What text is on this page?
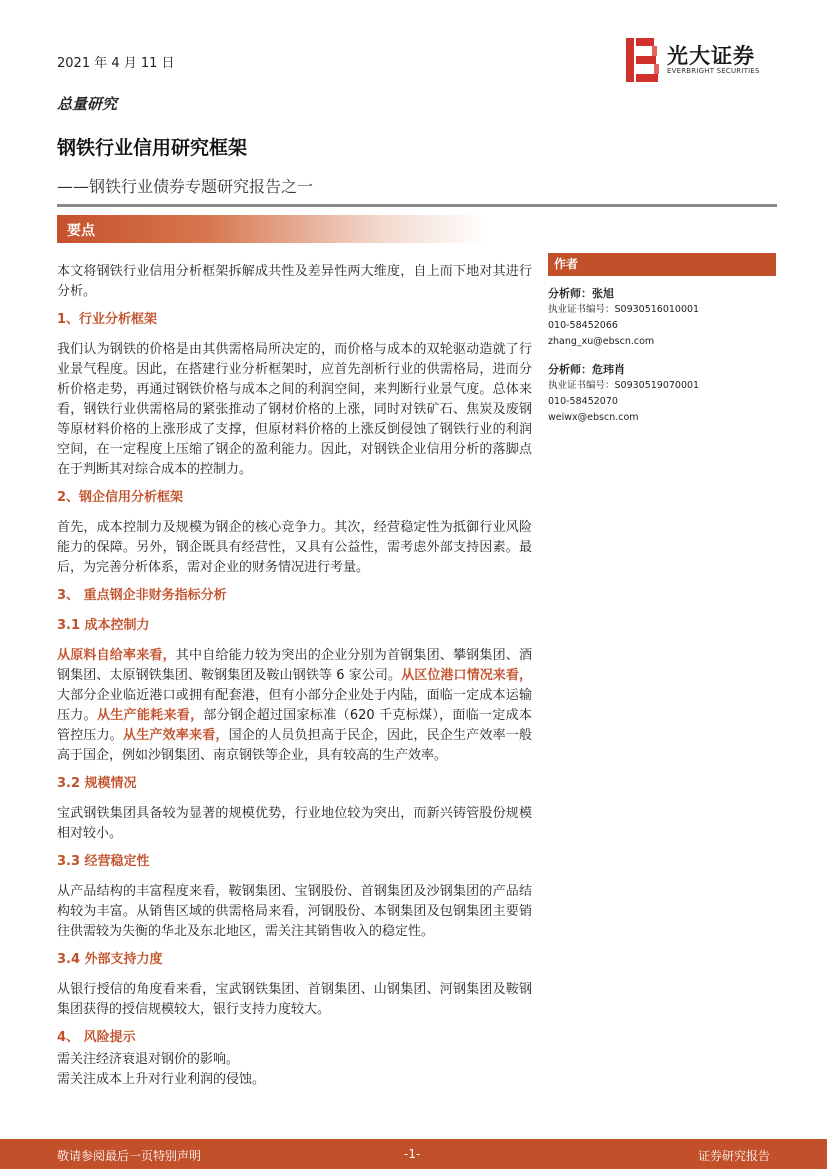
2021 年 4 月 11 日	光大证券
EVERBRIGHT SECURITIES
总量研究
钢铁行业信用研究框架
——钢铁行业债券专题研究报告之一
要点

本文将钢铁行业信用分析框架拆解成共性及差异性两大维度，自上而下地对其进行分析。

1、行业分析框架

我们认为钢铁的价格是由其供需格局所决定的，而价格与成本的双轮驱动造就了行业景气程度。因此，在搭建行业分析框架时，应首先剖析行业的供需格局，进而分析价格走势，再通过钢铁价格与成本之间的利润空间，来判断行业景气度。总体来看，钢铁行业供需格局的紧张推动了钢材价格的上涨，同时对铁矿石、焦炭及废钢等原材料价格的上涨形成了支撑，但原材料价格的上涨反倒侵蚀了钢铁行业的利润空间，在一定程度上压缩了钢企的盈利能力。因此，对钢铁企业信用分析的落脚点在于判断其对综合成本的控制力。

2、钢企信用分析框架

首先，成本控制力及规模为钢企的核心竞争力。其次，经营稳定性为抵御行业风险能力的保障。另外，钢企既具有经营性，又具有公益性，需考虑外部支持因素。最后，为完善分析体系，需对企业的财务情况进行考量。

3、 重点钢企非财务指标分析
3.1 成本控制力

从原料自给率来看，其中自给能力较为突出的企业分别为首钢集团、攀钢集团、酒钢集团、太原钢铁集团、鞍钢集团及鞍山钢铁等 6 家公司。从区位港口情况来看，大部分企业临近港口或拥有配套港，但有小部分企业处于内陆，面临一定成本运输压力。从生产能耗来看，部分钢企超过国家标准（620 千克标煤），面临一定成本管控压力。从生产效率来看，国企的人员负担高于民企，因此，民企生产效率一般高于国企，例如沙钢集团、南京钢铁等企业，具有较高的生产效率。

3.2 规模情况

宝武钢铁集团具备较为显著的规模优势，行业地位较为突出，而新兴铸管股份规模相对较小。

3.3 经营稳定性

从产品结构的丰富程度来看，鞍钢集团、宝钢股份、首钢集团及沙钢集团的产品结构较为丰富。从销售区域的供需格局来看，河钢股份、本钢集团及包钢集团主要销往供需较为失衡的华北及东北地区，需关注其销售收入的稳定性。

3.4 外部支持力度

从银行授信的角度看来看，宝武钢铁集团、首钢集团、山钢集团、河钢集团及鞍钢集团获得的授信规模较大，银行支持力度较大。

4、 风险提示
需关注经济衰退对钢价的影响。
需关注成本上升对行业利润的侵蚀。
作者
分析师：张旭
执业证书编号：S0930516010001
010-58452066
zhang_xu@ebscn.com
分析师：危玮肖
执业证书编号：S0930519070001
010-58452070
weiwx@ebscn.com
敬请参阅最后一页特别声明	-1-	证券研究报告
